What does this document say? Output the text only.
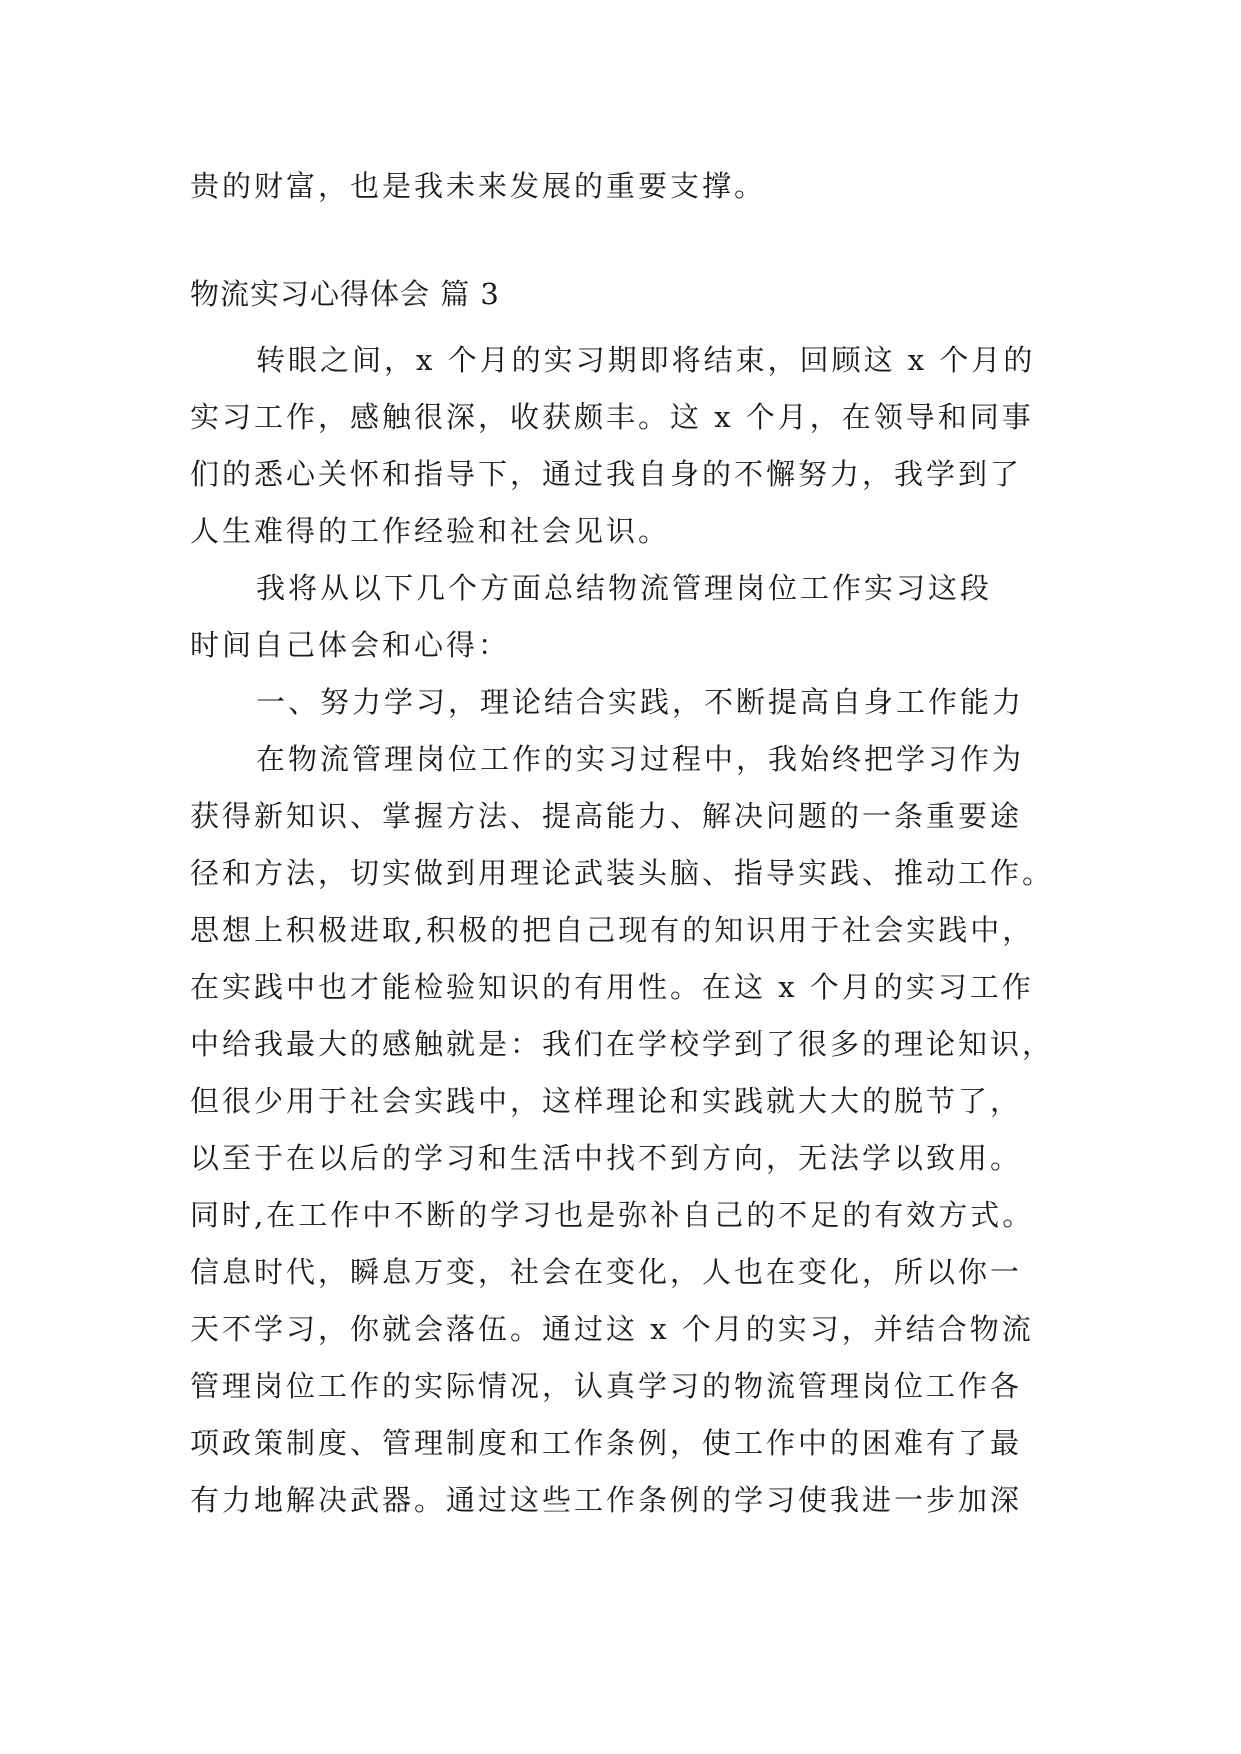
贵的财富，也是我未来发展的重要支撑。
物流实习心得体会 篇 3
转眼之间，x 个月的实习期即将结束，回顾这 x 个月的
实习工作，感触很深，收获颇丰。这 x 个月，在领导和同事
们的悉心关怀和指导下，通过我自身的不懈努力，我学到了
人生难得的工作经验和社会见识。
我将从以下几个方面总结物流管理岗位工作实习这段
时间自己体会和心得：
一、努力学习，理论结合实践，不断提高自身工作能力
在物流管理岗位工作的实习过程中，我始终把学习作为
获得新知识、掌握方法、提高能力、解决问题的一条重要途
径和方法，切实做到用理论武装头脑、指导实践、推动工作。
思想上积极进取,积极的把自己现有的知识用于社会实践中，
在实践中也才能检验知识的有用性。在这 x 个月的实习工作
中给我最大的感触就是：我们在学校学到了很多的理论知识，
但很少用于社会实践中，这样理论和实践就大大的脱节了，
以至于在以后的学习和生活中找不到方向，无法学以致用。
同时,在工作中不断的学习也是弥补自己的不足的有效方式。
信息时代，瞬息万变，社会在变化，人也在变化，所以你一
天不学习，你就会落伍。通过这 x 个月的实习，并结合物流
管理岗位工作的实际情况，认真学习的物流管理岗位工作各
项政策制度、管理制度和工作条例，使工作中的困难有了最
有力地解决武器。通过这些工作条例的学习使我进一步加深
